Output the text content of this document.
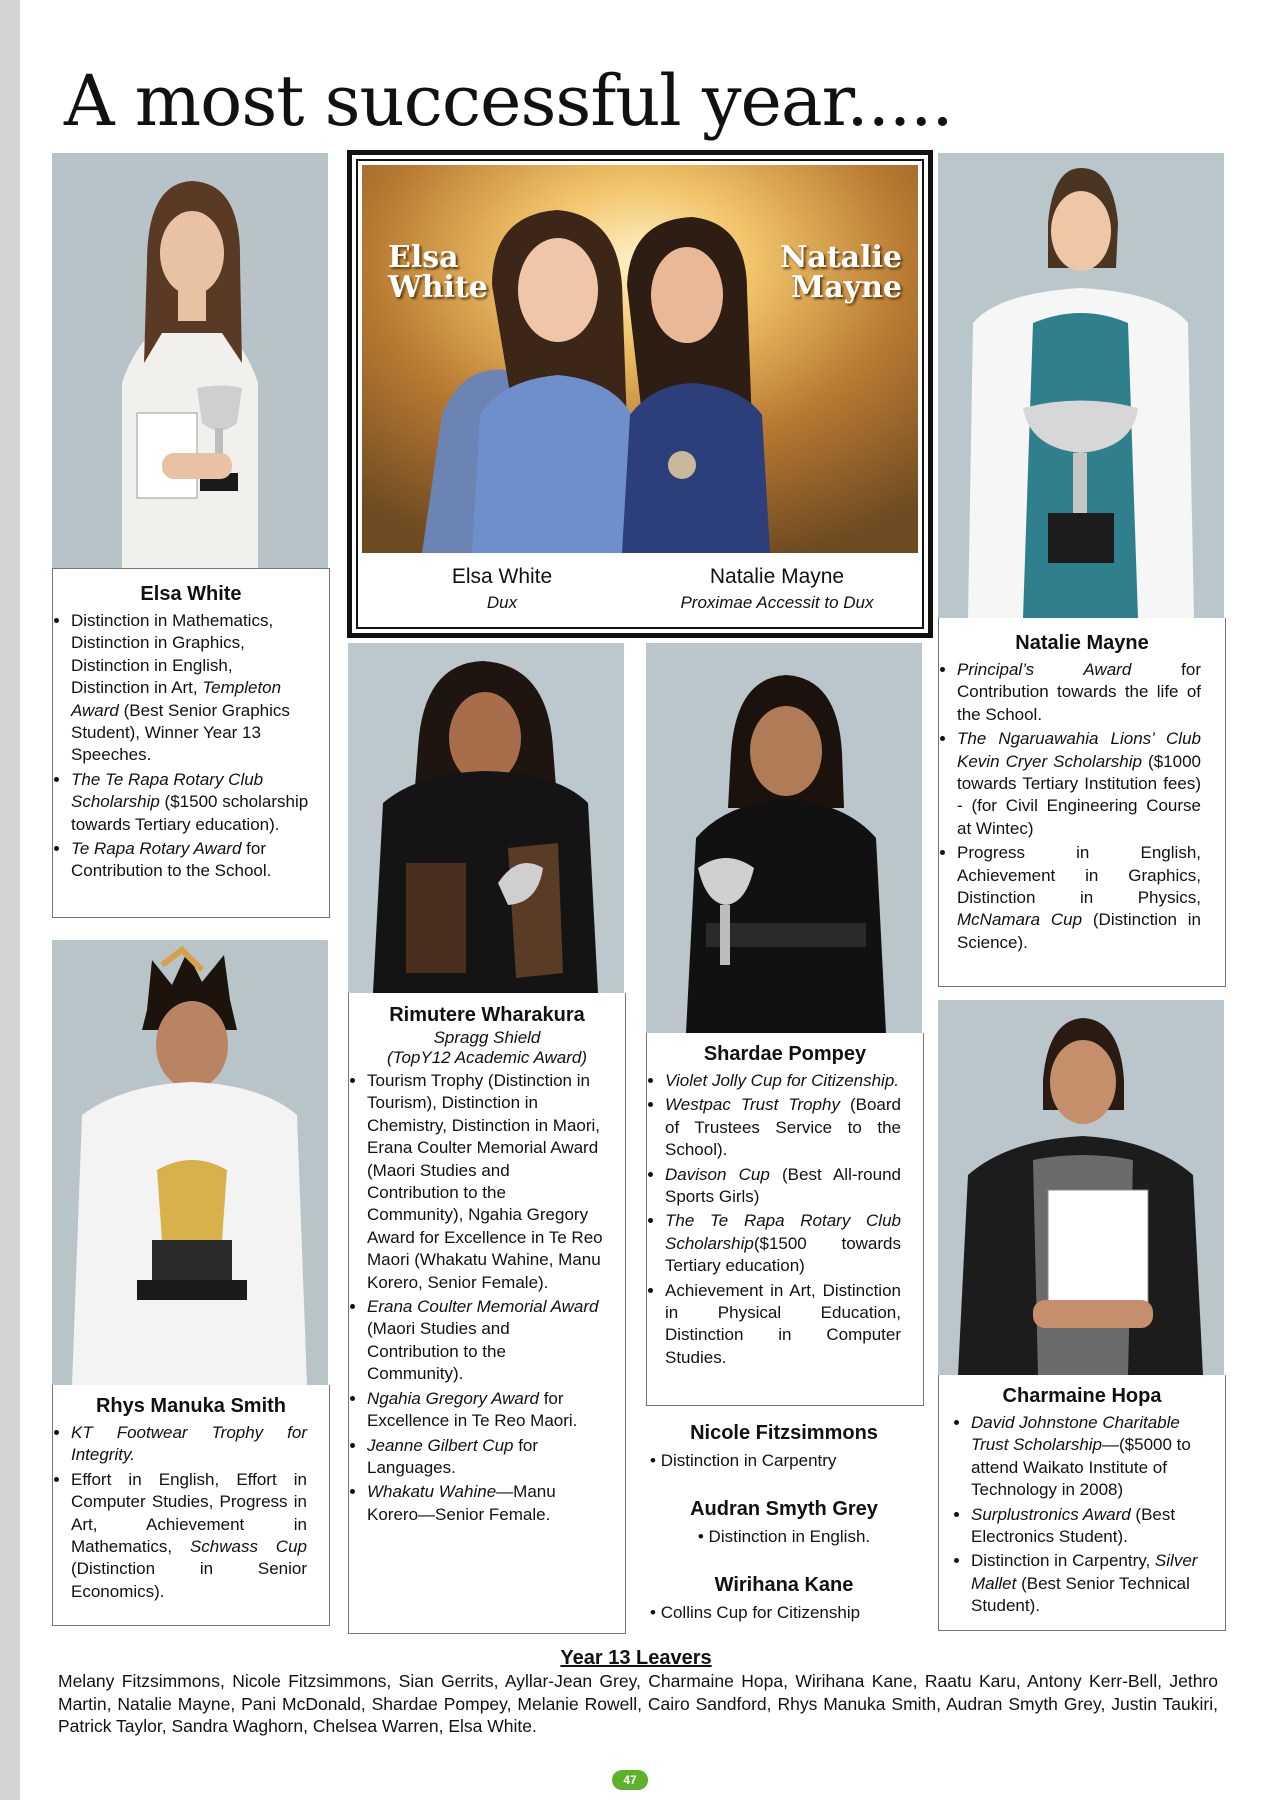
A most successful year.....
Elsa White
• Distinction in Mathematics, Distinction in Graphics, Distinction in English, Distinction in Art, Templeton Award (Best Senior Graphics Student), Winner Year 13 Speeches.
• The Te Rapa Rotary Club Scholarship ($1500 scholarship towards Tertiary education).
• Te Rapa Rotary Award for Contribution to the School.
Elsa
White
Natalie
Mayne
Elsa White
Dux
Natalie Mayne
Proximae Accessit to Dux
Natalie Mayne
• Principal’s Award for Contribution towards the life of the School.
• The Ngaruawahia Lions’ Club Kevin Cryer Scholarship ($1000 towards Tertiary Institution fees) - (for Civil Engineering Course at Wintec)
• Progress in English, Achievement in Graphics, Distinction in Physics, McNamara Cup (Distinction in Science).
Rimutere Wharakura
Spragg Shield
(TopY12 Academic Award)
• Tourism Trophy (Distinction in Tourism), Distinction in Chemistry, Distinction in Maori, Erana Coulter Memorial Award (Maori Studies and Contribution to the Community), Ngahia Gregory Award for Excellence in Te Reo Maori (Whakatu Wahine, Manu Korero, Senior Female).
• Erana Coulter Memorial Award (Maori Studies and Contribution to the Community).
• Ngahia Gregory Award for Excellence in Te Reo Maori.
• Jeanne Gilbert Cup for Languages.
• Whakatu Wahine—Manu Korero—Senior Female.
Shardae Pompey
• Violet Jolly Cup for Citizenship.
• Westpac Trust Trophy (Board of Trustees Service to the School).
• Davison Cup (Best All-round Sports Girls)
• The Te Rapa Rotary Club Scholarship($1500 towards Tertiary education)
• Achievement in Art, Distinction in Physical Education, Distinction in Computer Studies.
Rhys Manuka Smith
• KT Footwear Trophy for Integrity.
• Effort in English, Effort in Computer Studies, Progress in Art, Achievement in Mathematics, Schwass Cup (Distinction in Senior Economics).
Charmaine Hopa
• David Johnstone Charitable Trust Scholarship—($5000 to attend Waikato Institute of Technology in 2008)
• Surplustronics Award (Best Electronics Student).
• Distinction in Carpentry, Silver Mallet (Best Senior Technical Student).
Nicole Fitzsimmons
• Distinction in Carpentry
Audran Smyth Grey
• Distinction in English.
Wirihana Kane
• Collins Cup for Citizenship
Year 13 Leavers
Melany Fitzsimmons, Nicole Fitzsimmons, Sian Gerrits, Ayllar-Jean Grey, Charmaine Hopa, Wirihana Kane, Raatu Karu, Antony Kerr-Bell, Jethro Martin, Natalie Mayne, Pani McDonald, Shardae Pompey, Melanie Rowell, Cairo Sandford, Rhys Manuka Smith, Audran Smyth Grey, Justin Taukiri, Patrick Taylor, Sandra Waghorn, Chelsea Warren, Elsa White.
47
